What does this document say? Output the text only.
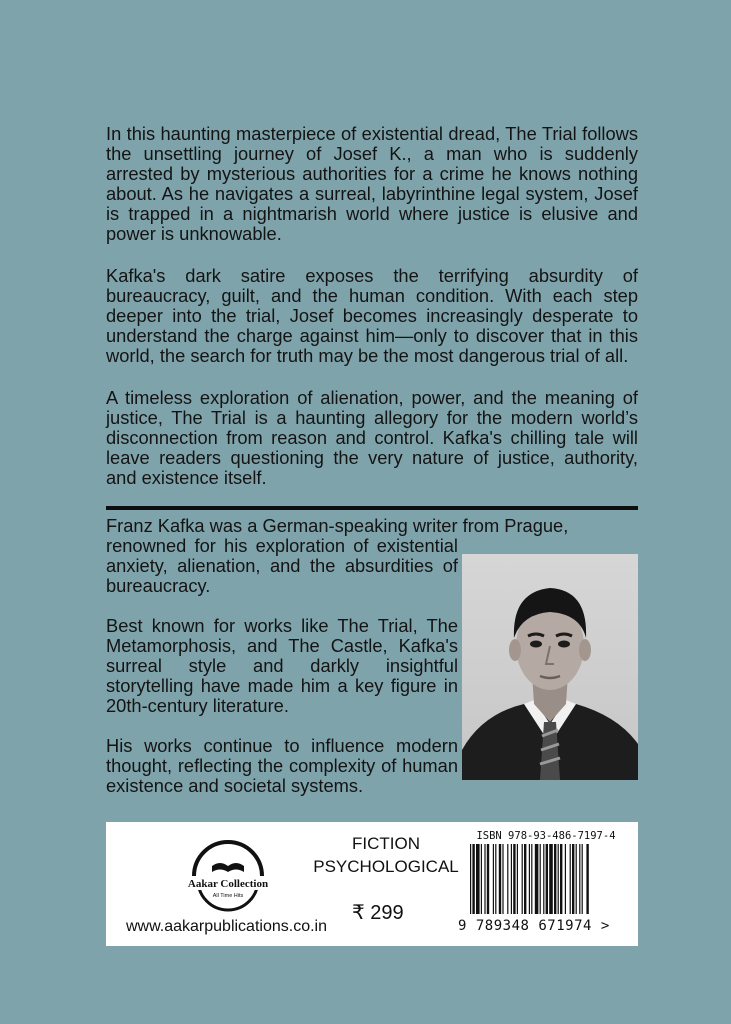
In this haunting masterpiece of existential dread, The Trial follows the unsettling journey of Josef K., a man who is suddenly arrested by mysterious authorities for a crime he knows nothing about. As he navigates a surreal, labyrinthine legal system, Josef is trapped in a nightmarish world where justice is elusive and power is unknowable.

Kafka's dark satire exposes the terrifying absurdity of bureaucracy, guilt, and the human condition. With each step deeper into the trial, Josef becomes increasingly desperate to understand the charge against him—only to discover that in this world, the search for truth may be the most dangerous trial of all.

A timeless exploration of alienation, power, and the meaning of justice, The Trial is a haunting allegory for the modern world’s disconnection from reason and control. Kafka's chilling tale will leave readers questioning the very nature of justice, authority, and existence itself.

Franz Kafka was a German-speaking writer from Prague,

renowned for his exploration of existential anxiety, alienation, and the absurdities of bureaucracy.

Best known for works like The Trial, The Metamorphosis, and The Castle, Kafka's surreal style and darkly insightful storytelling have made him a key figure in 20th-century literature.

His works continue to influence modern thought, reflecting the complexity of human existence and societal systems.

Aakar Collection
All Time Hits
www.aakarpublications.co.in
FICTION
PSYCHOLOGICAL
₹ 299
ISBN 978-93-486-7197-4
9 789348 671974 >
